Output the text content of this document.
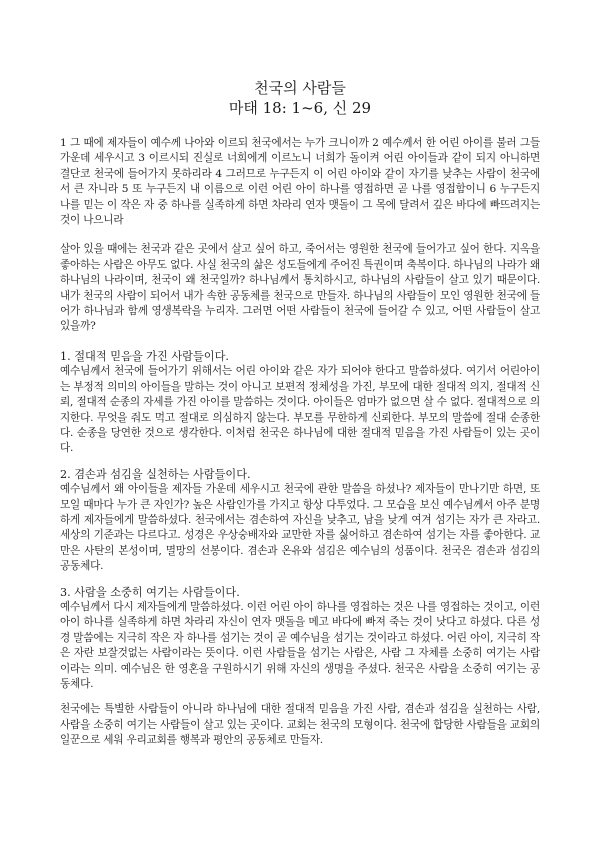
천국의 사람들
마태 18: 1~6, 신 29

1 그 때에 제자들이 예수께 나아와 이르되 천국에서는 누가 크니이까 2 예수께서 한 어린 아이를 불러 그들 가운데 세우시고 3 이르시되 진실로 너희에게 이르노니 너희가 돌이켜 어린 아이들과 같이 되지 아니하면 결단코 천국에 들어가지 못하리라 4 그러므로 누구든지 이 어린 아이와 같이 자기를 낮추는 사람이 천국에서 큰 자니라 5 또 누구든지 내 이름으로 이런 어린 아이 하나를 영접하면 곧 나를 영접함이니 6 누구든지 나를 믿는 이 작은 자 중 하나를 실족하게 하면 차라리 연자 맷돌이 그 목에 달려서 깊은 바다에 빠뜨려지는 것이 나으니라

살아 있을 때에는 천국과 같은 곳에서 살고 싶어 하고, 죽어서는 영원한 천국에 들어가고 싶어 한다. 지옥을 좋아하는 사람은 아무도 없다. 사실 천국의 삶은 성도들에게 주어진 특권이며 축복이다. 하나님의 나라가 왜 하나님의 나라이며, 천국이 왜 천국일까? 하나님께서 통치하시고, 하나님의 사람들이 살고 있기 때문이다. 내가 천국의 사람이 되어서 내가 속한 공동체를 천국으로 만들자. 하나님의 사람들이 모인 영원한 천국에 들어가 하나님과 함께 영생복락을 누리자. 그러면 어떤 사람들이 천국에 들어갈 수 있고, 어떤 사람들이 살고 있을까?

1. 절대적 믿음을 가진 사람들이다.

예수님께서 천국에 들어가기 위해서는 어린 아이와 같은 자가 되어야 한다고 말씀하셨다. 여기서 어린아이는 부정적 의미의 아이들을 말하는 것이 아니고 보편적 정체성을 가진, 부모에 대한 절대적 의지, 절대적 신뢰, 절대적 순종의 자세를 가진 아이를 말씀하는 것이다. 아이들은 엄마가 없으면 살 수 없다. 절대적으로 의지한다. 무엇을 줘도 먹고 절대로 의심하지 않는다. 부모를 무한하게 신뢰한다. 부모의 말씀에 절대 순종한다. 순종을 당연한 것으로 생각한다. 이처럼 천국은 하나님에 대한 절대적 믿음을 가진 사람들이 있는 곳이다.

2. 겸손과 섬김을 실천하는 사람들이다.

예수님께서 왜 아이들을 제자들 가운데 세우시고 천국에 관한 말씀을 하셨나? 제자들이 만나기만 하면, 또 모일 때마다 누가 큰 자인가? 높은 사람인가를 가지고 항상 다투었다. 그 모습을 보신 예수님께서 아주 분명하게 제자들에게 말씀하셨다. 천국에서는 겸손하여 자신을 낮추고, 남을 낮게 여겨 섬기는 자가 큰 자라고. 세상의 기준과는 다르다고. 성경은 우상숭배자와 교만한 자를 싫어하고 겸손하여 섬기는 자를 좋아한다. 교만은 사탄의 본성이며, 멸망의 선봉이다. 겸손과 온유와 섬김은 예수님의 성품이다. 천국은 겸손과 섬김의 공동체다.

3. 사람을 소중히 여기는 사람들이다.

예수님께서 다시 제자들에게 말씀하셨다. 이런 어린 아이 하나를 영접하는 것은 나를 영접하는 것이고, 이런 아이 하나를 실족하게 하면 차라리 자신이 연자 맷돌을 메고 바다에 빠져 죽는 것이 낫다고 하셨다. 다른 성경 말씀에는 지극히 작은 자 하나를 섬기는 것이 곧 예수님을 섬기는 것이라고 하셨다. 어린 아이, 지극히 작은 자란 보잘것없는 사람이라는 뜻이다. 이런 사람들을 섬기는 사람은, 사람 그 자체를 소중히 여기는 사람이라는 의미. 예수님은 한 영혼을 구원하시기 위해 자신의 생명을 주셨다. 천국은 사람을 소중히 여기는 공동체다.

천국에는 특별한 사람들이 아니라 하나님에 대한 절대적 믿음을 가진 사람, 겸손과 섬김을 실천하는 사람, 사람을 소중히 여기는 사람들이 살고 있는 곳이다. 교회는 천국의 모형이다. 천국에 합당한 사람들을 교회의 일꾼으로 세워 우리교회를 행복과 평안의 공동체로 만들자.
